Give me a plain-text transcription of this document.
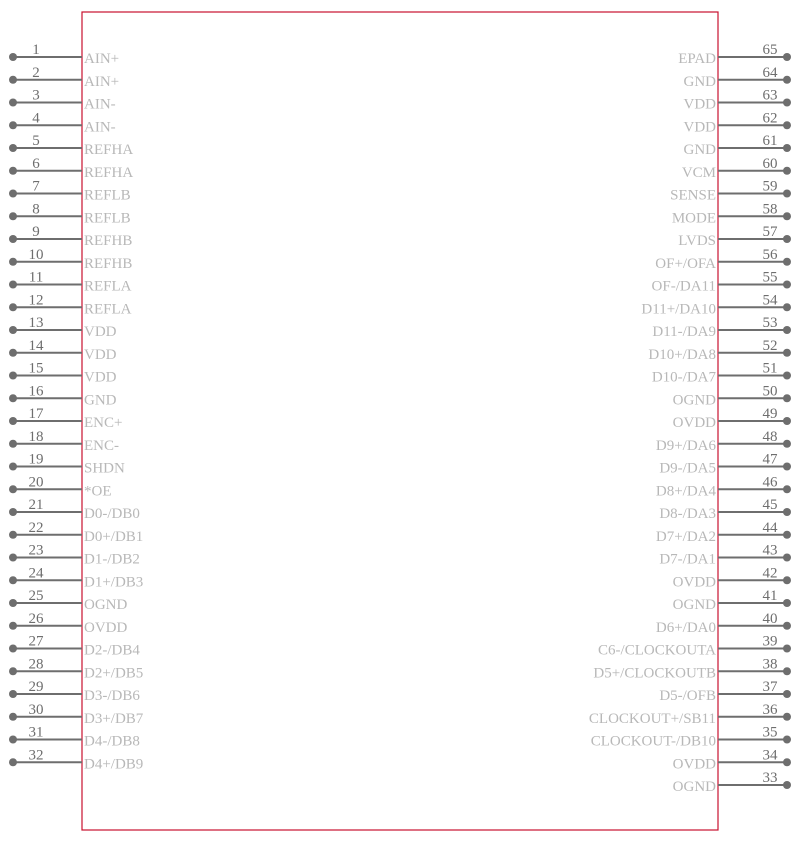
1
AIN+
2
AIN+
3
AIN-
4
AIN-
5
REFHA
6
REFHA
7
REFLB
8
REFLB
9
REFHB
10
REFHB
11
REFLA
12
REFLA
13
VDD
14
VDD
15
VDD
16
GND
17
ENC+
18
ENC-
19
SHDN
20
*OE
21
D0-/DB0
22
D0+/DB1
23
D1-/DB2
24
D1+/DB3
25
OGND
26
OVDD
27
D2-/DB4
28
D2+/DB5
29
D3-/DB6
30
D3+/DB7
31
D4-/DB8
32
D4+/DB9
65
EPAD
64
GND
63
VDD
62
VDD
61
GND
60
VCM
59
SENSE
58
MODE
57
LVDS
56
OF+/OFA
55
OF-/DA11
54
D11+/DA10
53
D11-/DA9
52
D10+/DA8
51
D10-/DA7
50
OGND
49
OVDD
48
D9+/DA6
47
D9-/DA5
46
D8+/DA4
45
D8-/DA3
44
D7+/DA2
43
D7-/DA1
42
OVDD
41
OGND
40
D6+/DA0
39
C6-/CLOCKOUTA
38
D5+/CLOCKOUTB
37
D5-/OFB
36
CLOCKOUT+/SB11
35
CLOCKOUT-/DB10
34
OVDD
33
OGND
